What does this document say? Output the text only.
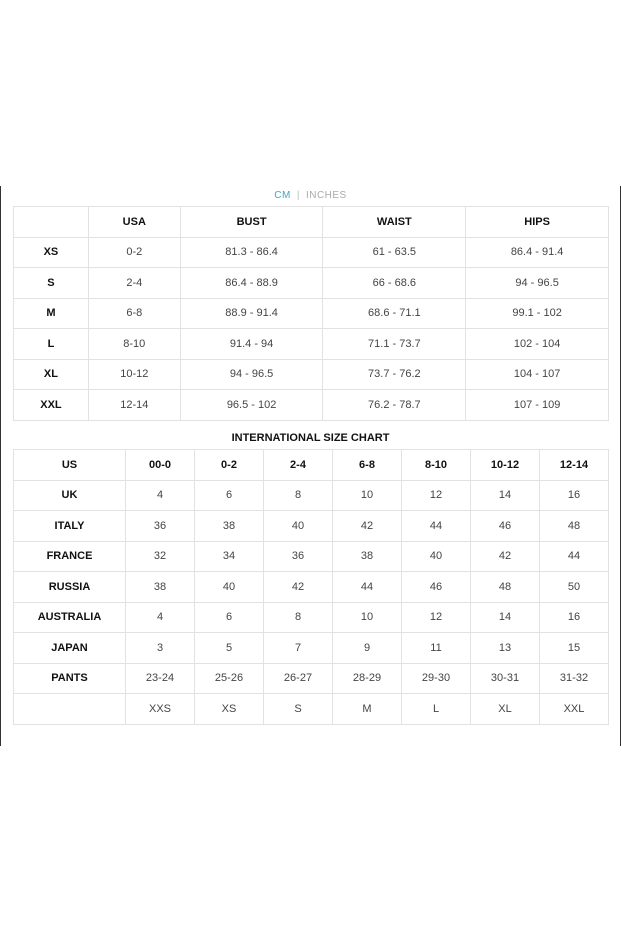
CM | INCHES
	USA	BUST	WAIST	HIPS
XS	0-2	81.3 - 86.4	61 - 63.5	86.4 - 91.4
S	2-4	86.4 - 88.9	66 - 68.6	94 - 96.5
M	6-8	88.9 - 91.4	68.6 - 71.1	99.1 - 102
L	8-10	91.4 - 94	71.1 - 73.7	102 - 104
XL	10-12	94 - 96.5	73.7 - 76.2	104 - 107
XXL	12-14	96.5 - 102	76.2 - 78.7	107 - 109
INTERNATIONAL SIZE CHART
US	00-0	0-2	2-4	6-8	8-10	10-12	12-14
UK	4	6	8	10	12	14	16
ITALY	36	38	40	42	44	46	48
FRANCE	32	34	36	38	40	42	44
RUSSIA	38	40	42	44	46	48	50
AUSTRALIA	4	6	8	10	12	14	16
JAPAN	3	5	7	9	11	13	15
PANTS	23-24	25-26	26-27	28-29	29-30	30-31	31-32
	XXS	XS	S	M	L	XL	XXL
